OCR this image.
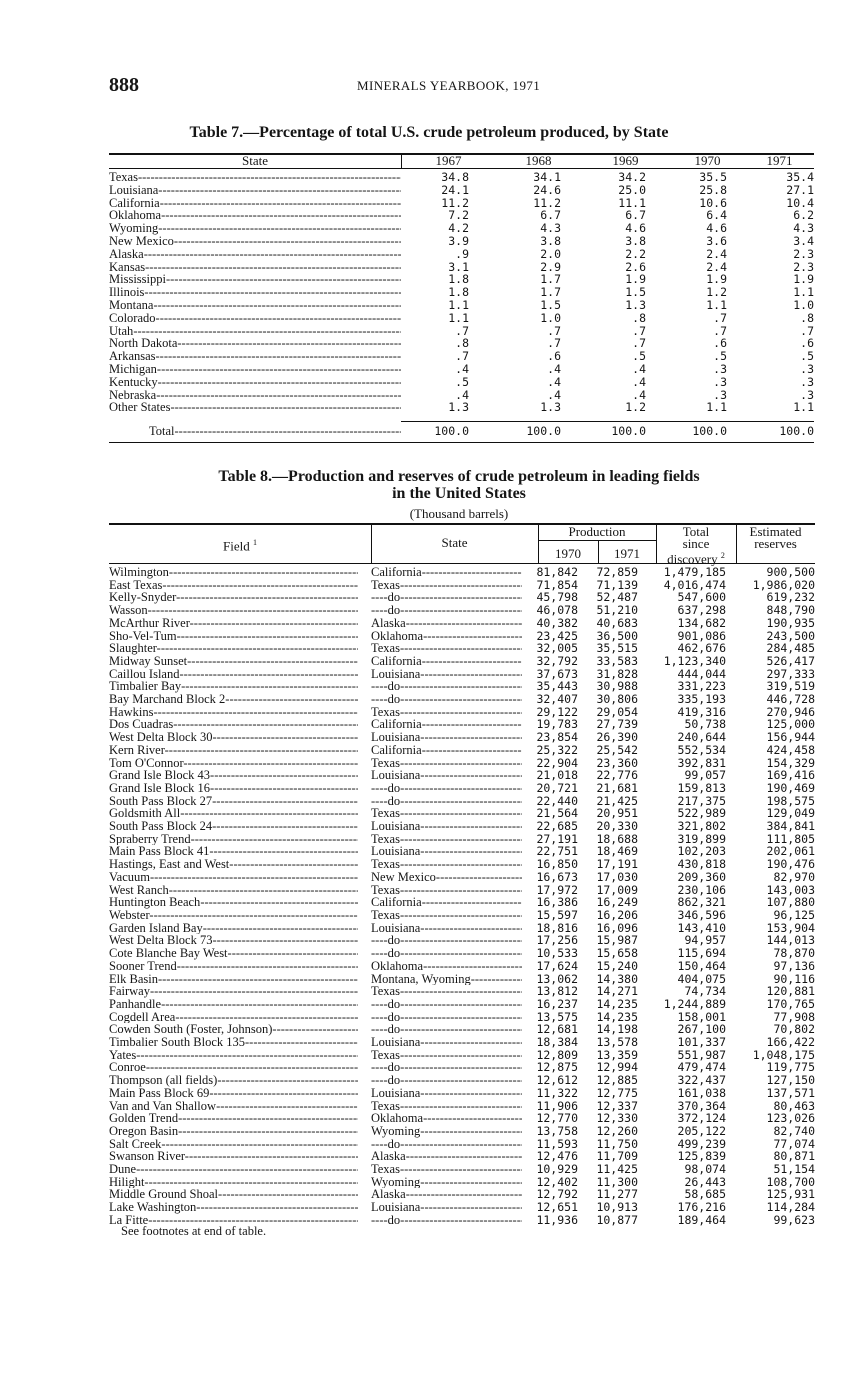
888	MINERALS YEARBOOK, 1971
Table 7.—Percentage of total U.S. crude petroleum produced, by State
State	1967	1968	1969	1970	1971
Texas -----	34.8	34.1	34.2	35.5	35.4

Louisiana -----	24.1	24.6	25.0	25.8	27.1

California -----	11.2	11.2	11.1	10.6	10.4

Oklahoma -----	7.2	6.7	6.7	6.4	6.2

Wyoming -----	4.2	4.3	4.6	4.6	4.3

New Mexico -----	3.9	3.8	3.8	3.6	3.4

Alaska -----	.9	2.0	2.2	2.4	2.3

Kansas -----	3.1	2.9	2.6	2.4	2.3

Mississippi -----	1.8	1.7	1.9	1.9	1.9

Illinois -----	1.8	1.7	1.5	1.2	1.1

Montana -----	1.1	1.5	1.3	1.1	1.0

Colorado -----	1.1	1.0	.8	.7	.8

Utah -----	.7	.7	.7	.7	.7

North Dakota -----	.8	.7	.7	.6	.6

Arkansas -----	.7	.6	.5	.5	.5

Michigan -----	.4	.4	.4	.3	.3

Kentucky -----	.5	.4	.4	.3	.3

Nebraska -----	.4	.4	.4	.3	.3

Other States -----	1.3	1.3	1.2	1.1	1.1

Total -----	100.0	100.0	100.0	100.0	100.0
Table 8.—Production and reserves of crude petroleum in leading fields
in the United States
(Thousand barrels)
Field $^1$	State
Production
1970	1971
Total
since
discovery $^2$
Estimated
reserves
Wilmington -----	California -----	81,842	72,859	1,479,185	900,500

East Texas -----	Texas -----	71,854	71,139	4,016,474	1,986,020

Kelly-Snyder -----	----do -----	45,798	52,487	547,600	619,232

Wasson -----	----do -----	46,078	51,210	637,298	848,790

McArthur River -----	Alaska -----	40,382	40,683	134,682	190,935

Sho-Vel-Tum -----	Oklahoma -----	23,425	36,500	901,086	243,500

Slaughter -----	Texas -----	32,005	35,515	462,676	284,485

Midway Sunset -----	California -----	32,792	33,583	1,123,340	526,417

Caillou Island -----	Louisiana -----	37,673	31,828	444,044	297,333

Timbalier Bay -----	----do -----	35,443	30,988	331,223	319,519

Bay Marchand Block 2 -----	----do -----	32,407	30,806	335,193	446,728

Hawkins -----	Texas -----	29,122	29,054	419,316	270,946

Dos Cuadras -----	California -----	19,783	27,739	50,738	125,000

West Delta Block 30 -----	Louisiana -----	23,854	26,390	240,644	156,944

Kern River -----	California -----	25,322	25,542	552,534	424,458

Tom O'Connor -----	Texas -----	22,904	23,360	392,831	154,329

Grand Isle Block 43 -----	Louisiana -----	21,018	22,776	99,057	169,416

Grand Isle Block 16 -----	----do -----	20,721	21,681	159,813	190,469

South Pass Block 27 -----	----do -----	22,440	21,425	217,375	198,575

Goldsmith All -----	Texas -----	21,564	20,951	522,989	129,049

South Pass Block 24 -----	Louisiana -----	22,685	20,330	321,802	384,841

Spraberry Trend -----	Texas -----	27,191	18,688	319,899	111,805

Main Pass Block 41 -----	Louisiana -----	22,751	18,469	102,203	202,061

Hastings, East and West -----	Texas -----	16,850	17,191	430,818	190,476

Vacuum -----	New Mexico -----	16,673	17,030	209,360	82,970

West Ranch -----	Texas -----	17,972	17,009	230,106	143,003

Huntington Beach -----	California -----	16,386	16,249	862,321	107,880

Webster -----	Texas -----	15,597	16,206	346,596	96,125

Garden Island Bay -----	Louisiana -----	18,816	16,096	143,410	153,904

West Delta Block 73 -----	----do -----	17,256	15,987	94,957	144,013

Cote Blanche Bay West -----	----do -----	10,533	15,658	115,694	78,870

Sooner Trend -----	Oklahoma -----	17,624	15,240	150,464	97,136

Elk Basin -----	Montana, Wyoming -----	13,062	14,380	404,075	90,116

Fairway -----	Texas -----	13,812	14,271	74,734	120,881

Panhandle -----	----do -----	16,237	14,235	1,244,889	170,765

Cogdell Area -----	----do -----	13,575	14,235	158,001	77,908

Cowden South (Foster, Johnson) -----	----do -----	12,681	14,198	267,100	70,802

Timbalier South Block 135 -----	Louisiana -----	18,384	13,578	101,337	166,422

Yates -----	Texas -----	12,809	13,359	551,987	1,048,175

Conroe -----	----do -----	12,875	12,994	479,474	119,775

Thompson (all fields) -----	----do -----	12,612	12,885	322,437	127,150

Main Pass Block 69 -----	Louisiana -----	11,322	12,775	161,038	137,571

Van and Van Shallow -----	Texas -----	11,906	12,337	370,364	80,463

Golden Trend -----	Oklahoma -----	12,770	12,330	372,124	123,026

Oregon Basin -----	Wyoming -----	13,758	12,260	205,122	82,740

Salt Creek -----	----do -----	11,593	11,750	499,239	77,074

Swanson River -----	Alaska -----	12,476	11,709	125,839	80,871

Dune -----	Texas -----	10,929	11,425	98,074	51,154

Hilight -----	Wyoming -----	12,402	11,300	26,443	108,700

Middle Ground Shoal -----	Alaska -----	12,792	11,277	58,685	125,931

Lake Washington -----	Louisiana -----	12,651	10,913	176,216	114,284

La Fitte -----	----do -----	11,936	10,877	189,464	99,623
See footnotes at end of table.
